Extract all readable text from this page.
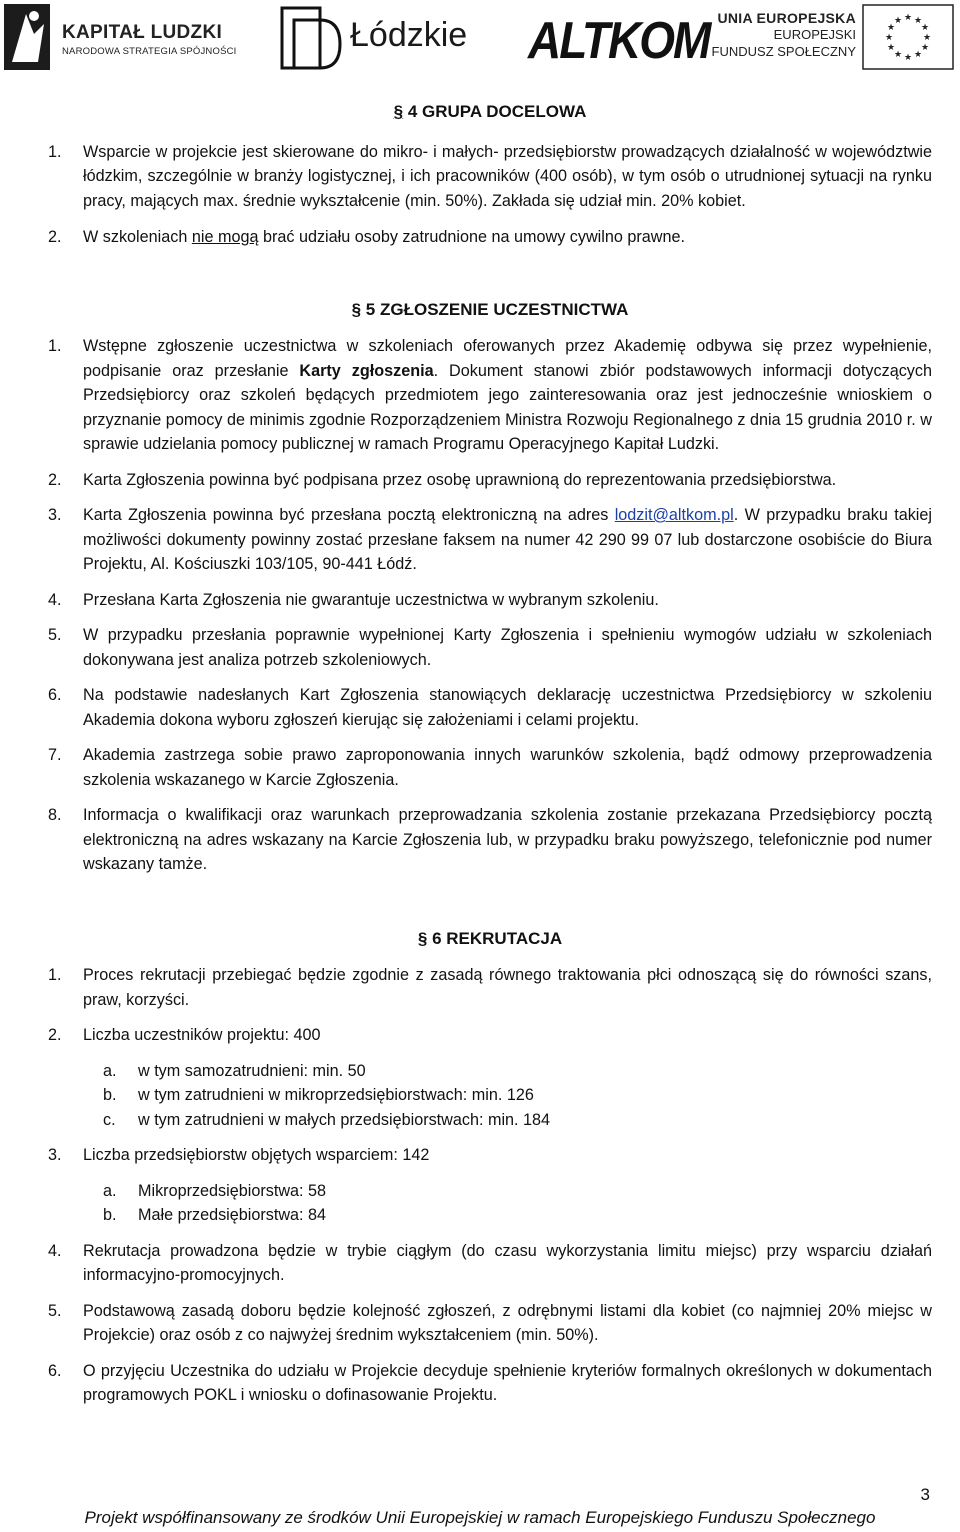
KAPITAŁ LUDZKI
NARODOWA STRATEGIA SPÓJNOŚCI	Łódzkie ALTKOM UNIA EUROPEJSKA
EUROPEJSKI
FUNDUSZ SPOŁECZNY
★ ★
★
★
★
★
★
★
★
★
★
★
§ 4 GRUPA DOCELOWA
1. Wsparcie w projekcie jest skierowane do mikro- i małych- przedsiębiorstw prowadzących działalność w województwie łódzkim, szczególnie w branży logistycznej, i ich pracowników (400 osób), w tym osób o utrudnionej sytuacji na rynku pracy, mających max. średnie wykształcenie (min. 50%). Zakłada się udział min. 20% kobiet.
2. W szkoleniach nie mogą brać udziału osoby zatrudnione na umowy cywilno prawne.
§ 5 ZGŁOSZENIE UCZESTNICTWA
1. Wstępne zgłoszenie uczestnictwa w szkoleniach oferowanych przez Akademię odbywa się przez wypełnienie, podpisanie oraz przesłanie Karty zgłoszenia. Dokument stanowi zbiór podstawowych informacji dotyczących Przedsiębiorcy oraz szkoleń będących przedmiotem jego zainteresowania oraz jest jednocześnie wnioskiem o przyznanie pomocy de minimis zgodnie Rozporządzeniem Ministra Rozwoju Regionalnego z dnia 15 grudnia 2010 r. w sprawie udzielania pomocy publicznej w ramach Programu Operacyjnego Kapitał Ludzki.
2. Karta Zgłoszenia powinna być podpisana przez osobę uprawnioną do reprezentowania przedsiębiorstwa.
3. Karta Zgłoszenia powinna być przesłana pocztą elektroniczną na adres lodzit@altkom.pl. W przypadku braku takiej możliwości dokumenty powinny zostać przesłane faksem na numer 42 290 99 07 lub dostarczone osobiście do Biura Projektu, Al. Kościuszki 103/105, 90-441 Łódź.
4. Przesłana Karta Zgłoszenia nie gwarantuje uczestnictwa w wybranym szkoleniu.
5. W przypadku przesłania poprawnie wypełnionej Karty Zgłoszenia i spełnieniu wymogów udziału w szkoleniach dokonywana jest analiza potrzeb szkoleniowych.
6. Na podstawie nadesłanych Kart Zgłoszenia stanowiących deklarację uczestnictwa Przedsiębiorcy w szkoleniu Akademia dokona wyboru zgłoszeń kierując się założeniami i celami projektu.
7. Akademia zastrzega sobie prawo zaproponowania innych warunków szkolenia, bądź odmowy przeprowadzenia szkolenia wskazanego w Karcie Zgłoszenia.
8. Informacja o kwalifikacji oraz warunkach przeprowadzania szkolenia zostanie przekazana Przedsiębiorcy pocztą elektroniczną na adres wskazany na Karcie Zgłoszenia lub, w przypadku braku powyższego, telefonicznie pod numer wskazany tamże.
§ 6 REKRUTACJA
1. Proces rekrutacji przebiegać będzie zgodnie z zasadą równego traktowania płci odnoszącą się do równości szans, praw, korzyści.
2. Liczba uczestników projektu: 400
a. w tym samozatrudnieni: min. 50
b. w tym zatrudnieni w mikroprzedsiębiorstwach: min. 126
c. w tym zatrudnieni w małych przedsiębiorstwach: min. 184
3. Liczba przedsiębiorstw objętych wsparciem: 142
a. Mikroprzedsiębiorstwa: 58
b. Małe przedsiębiorstwa: 84
4. Rekrutacja prowadzona będzie w trybie ciągłym (do czasu wykorzystania limitu miejsc) przy wsparciu działań informacyjno-promocyjnych.
5. Podstawową zasadą doboru będzie kolejność zgłoszeń, z odrębnymi listami dla kobiet (co najmniej 20% miejsc w Projekcie) oraz osób z co najwyżej średnim wykształceniem (min. 50%).
6. O przyjęciu Uczestnika do udziału w Projekcie decyduje spełnienie kryteriów formalnych określonych w dokumentach programowych POKL i wniosku o dofinasowanie Projektu.
3
Projekt współfinansowany ze środków Unii Europejskiej w ramach Europejskiego Funduszu Społecznego
